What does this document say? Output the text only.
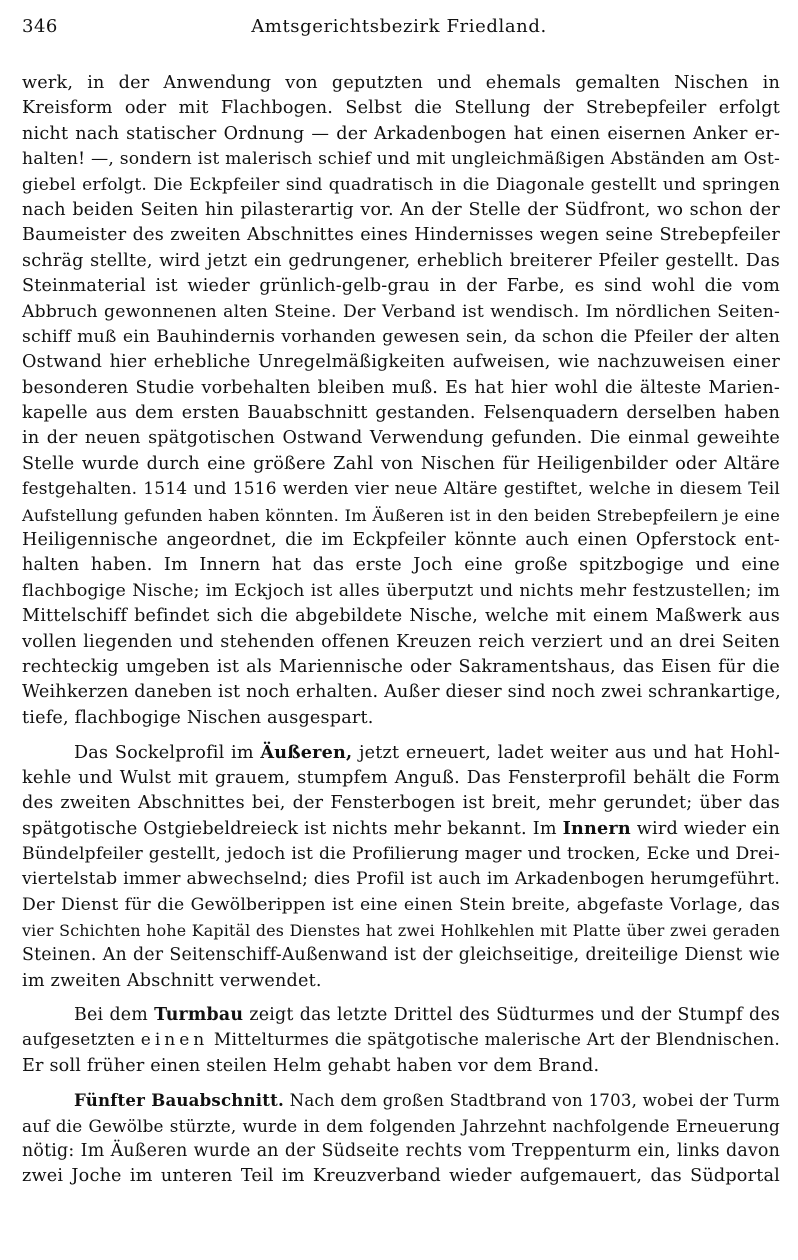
346	Amtsgerichtsbezirk Friedland.
werk, in der Anwendung von geputzten und ehemals gemalten Nischen in
Kreisform oder mit Flachbogen. Selbst die Stellung der Strebepfeiler erfolgt
nicht nach statischer Ordnung — der Arkadenbogen hat einen eisernen Anker er-
halten! —, sondern ist malerisch schief und mit ungleichmäßigen Abständen am Ost-
giebel erfolgt. Die Eckpfeiler sind quadratisch in die Diagonale gestellt und springen
nach beiden Seiten hin pilasterartig vor. An der Stelle der Südfront, wo schon der
Baumeister des zweiten Abschnittes eines Hindernisses wegen seine Strebepfeiler
schräg stellte, wird jetzt ein gedrungener, erheblich breiterer Pfeiler gestellt. Das
Steinmaterial ist wieder grünlich-gelb-grau in der Farbe, es sind wohl die vom
Abbruch gewonnenen alten Steine. Der Verband ist wendisch. Im nördlichen Seiten-
schiff muß ein Bauhindernis vorhanden gewesen sein, da schon die Pfeiler der alten
Ostwand hier erhebliche Unregelmäßigkeiten aufweisen, wie nachzuweisen einer
besonderen Studie vorbehalten bleiben muß. Es hat hier wohl die älteste Marien-
kapelle aus dem ersten Bauabschnitt gestanden. Felsenquadern derselben haben
in der neuen spätgotischen Ostwand Verwendung gefunden. Die einmal geweihte
Stelle wurde durch eine größere Zahl von Nischen für Heiligenbilder oder Altäre
festgehalten. 1514 und 1516 werden vier neue Altäre gestiftet, welche in diesem Teil
Aufstellung gefunden haben könnten. Im Äußeren ist in den beiden Strebepfeilern je eine
Heiligennische angeordnet, die im Eckpfeiler könnte auch einen Opferstock ent-
halten haben. Im Innern hat das erste Joch eine große spitzbogige und eine
flachbogige Nische; im Eckjoch ist alles überputzt und nichts mehr festzustellen; im
Mittelschiff befindet sich die abgebildete Nische, welche mit einem Maßwerk aus
vollen liegenden und stehenden offenen Kreuzen reich verziert und an drei Seiten
rechteckig umgeben ist als Mariennische oder Sakramentshaus, das Eisen für die
Weihkerzen daneben ist noch erhalten. Außer dieser sind noch zwei schrankartige,
tiefe, flachbogige Nischen ausgespart.
Das Sockelprofil im Äußeren, jetzt erneuert, ladet weiter aus und hat Hohl-
kehle und Wulst mit grauem, stumpfem Anguß. Das Fensterprofil behält die Form
des zweiten Abschnittes bei, der Fensterbogen ist breit, mehr gerundet; über das
spätgotische Ostgiebeldreieck ist nichts mehr bekannt. Im Innern wird wieder ein
Bündelpfeiler gestellt, jedoch ist die Profilierung mager und trocken, Ecke und Drei-
viertelstab immer abwechselnd; dies Profil ist auch im Arkadenbogen herumgeführt.
Der Dienst für die Gewölberippen ist eine einen Stein breite, abgefaste Vorlage, das
vier Schichten hohe Kapitäl des Dienstes hat zwei Hohlkehlen mit Platte über zwei geraden
Steinen. An der Seitenschiff-Außenwand ist der gleichseitige, dreiteilige Dienst wie
im zweiten Abschnitt verwendet.
Bei dem Turmbau zeigt das letzte Drittel des Südturmes und der Stumpf des
aufgesetzten einen Mittelturmes die spätgotische malerische Art der Blendnischen.
Er soll früher einen steilen Helm gehabt haben vor dem Brand.
Fünfter Bauabschnitt. Nach dem großen Stadtbrand von 1703, wobei der Turm
auf die Gewölbe stürzte, wurde in dem folgenden Jahrzehnt nachfolgende Erneuerung
nötig: Im Äußeren wurde an der Südseite rechts vom Treppenturm ein, links davon
zwei Joche im unteren Teil im Kreuzverband wieder aufgemauert, das Südportal
